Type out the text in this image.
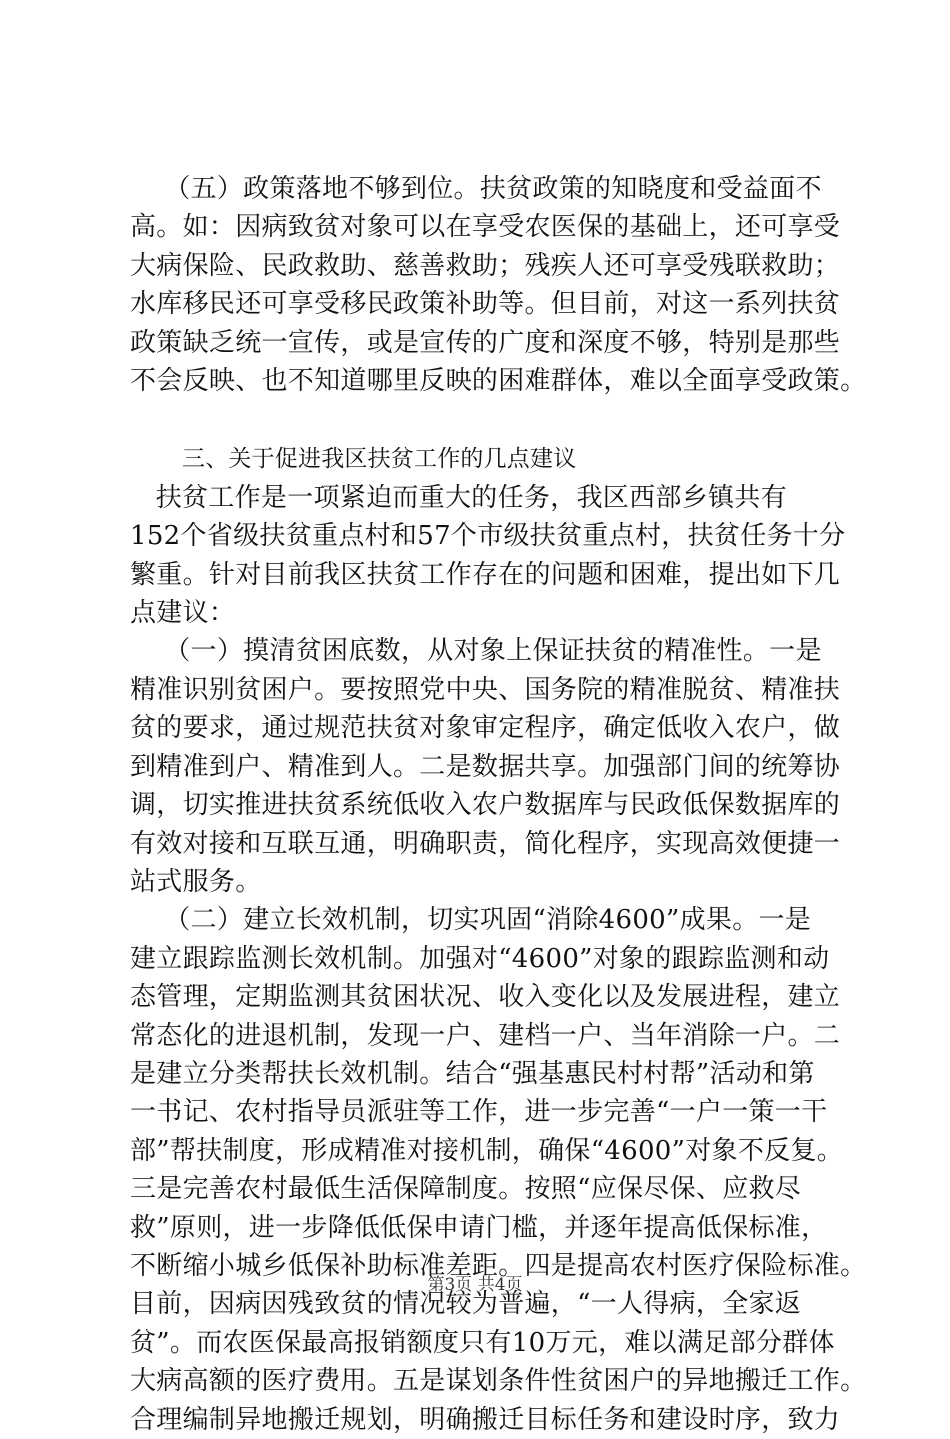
（五）政策落地不够到位。扶贫政策的知晓度和受益面不
高。如：因病致贫对象可以在享受农医保的基础上，还可享受
大病保险、民政救助、慈善救助；残疾人还可享受残联救助；
水库移民还可享受移民政策补助等。但目前，对这一系列扶贫
政策缺乏统一宣传，或是宣传的广度和深度不够，特别是那些
不会反映、也不知道哪里反映的困难群体，难以全面享受政策。

三、关于促进我区扶贫工作的几点建议

扶贫工作是一项紧迫而重大的任务，我区西部乡镇共有
152个省级扶贫重点村和57个市级扶贫重点村，扶贫任务十分
繁重。针对目前我区扶贫工作存在的问题和困难，提出如下几
点建议：
（一）摸清贫困底数，从对象上保证扶贫的精准性。一是
精准识别贫困户。要按照党中央、国务院的精准脱贫、精准扶
贫的要求，通过规范扶贫对象审定程序，确定低收入农户，做
到精准到户、精准到人。二是数据共享。加强部门间的统筹协
调，切实推进扶贫系统低收入农户数据库与民政低保数据库的
有效对接和互联互通，明确职责，简化程序，实现高效便捷一
站式服务。
（二）建立长效机制，切实巩固“消除4600”成果。一是
建立跟踪监测长效机制。加强对“4600”对象的跟踪监测和动
态管理，定期监测其贫困状况、收入变化以及发展进程，建立
常态化的进退机制，发现一户、建档一户、当年消除一户。二
是建立分类帮扶长效机制。结合“强基惠民村村帮”活动和第
一书记、农村指导员派驻等工作，进一步完善“一户一策一干
部”帮扶制度，形成精准对接机制，确保“4600”对象不反复。
三是完善农村最低生活保障制度。按照“应保尽保、应救尽
救”原则，进一步降低低保申请门槛，并逐年提高低保标准，
不断缩小城乡低保补助标准差距。四是提高农村医疗保险标准。
目前，因病因残致贫的情况较为普遍，“一人得病，全家返
贫”。而农医保最高报销额度只有10万元，难以满足部分群体
大病高额的医疗费用。五是谋划条件性贫困户的异地搬迁工作。
合理编制异地搬迁规划，明确搬迁目标任务和建设时序，致力
第3页 共4页
